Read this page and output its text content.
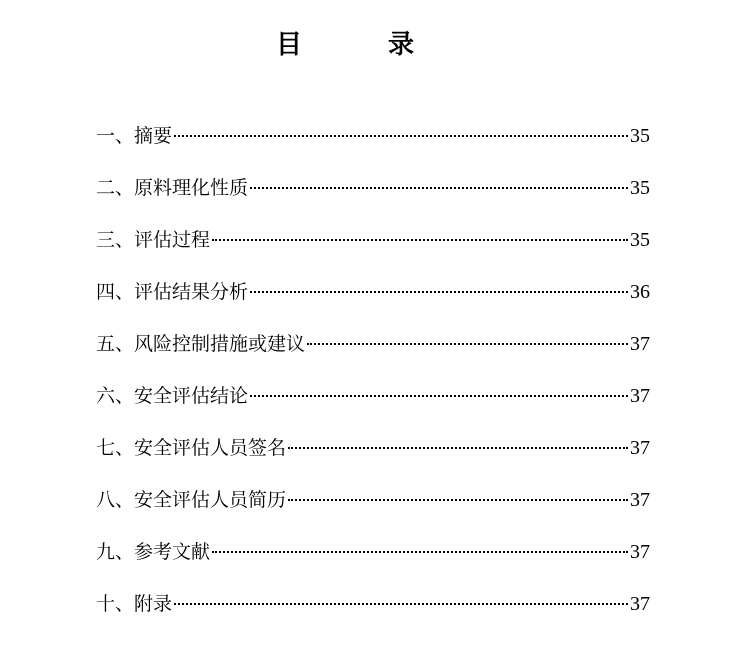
目　录
一 、 摘要	35
二 、 原料理化性质	35
三 、 评估过程	35
四 、 评估结果分析	36
五 、 风险控制措施或建议	37
六 、 安全评估结论	37
七 、 安全评估人员签名	37
八 、 安全评估人员简历	37
九 、 参考文献	37
十 、 附录	37
